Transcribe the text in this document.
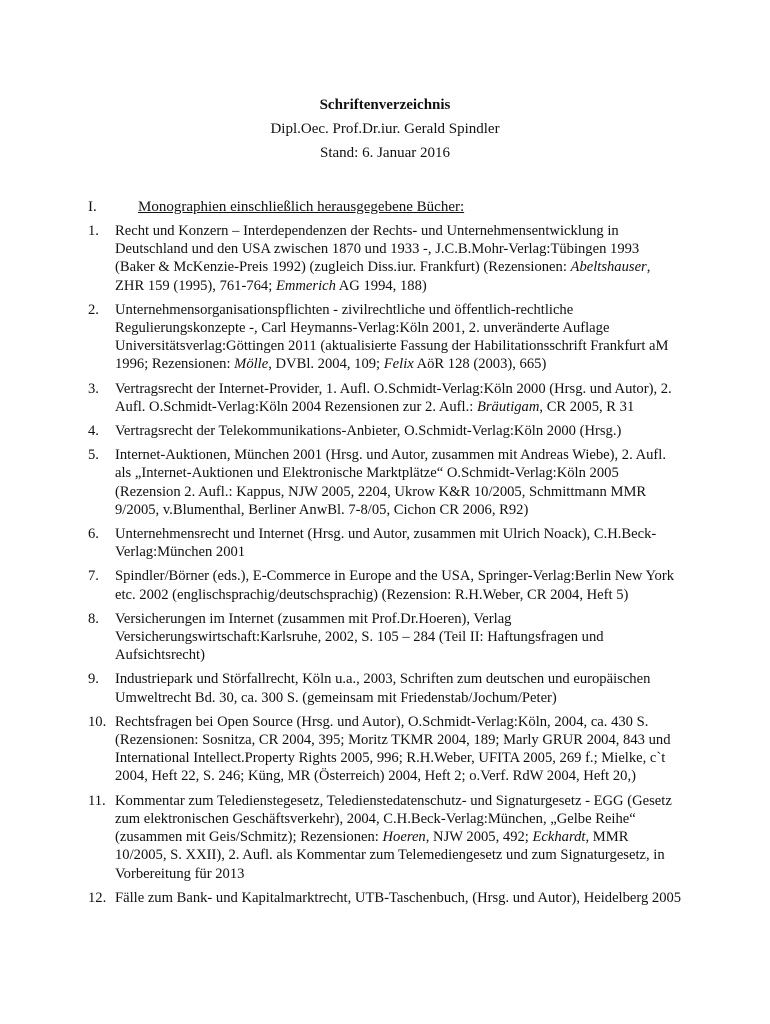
Schriftenverzeichnis
Dipl.Oec. Prof.Dr.iur. Gerald Spindler
Stand: 6. Januar 2016
I.	Monographien einschließlich herausgegebene Bücher:
1. Recht und Konzern – Interdependenzen der Rechts- und Unternehmensentwicklung in Deutschland und den USA zwischen 1870 und 1933 -, J.C.B.Mohr-Verlag:Tübingen 1993 (Baker & McKenzie-Preis 1992) (zugleich Diss.iur. Frankfurt) (Rezensionen: Abeltshauser, ZHR 159 (1995), 761-764; Emmerich AG 1994, 188)
2. Unternehmensorganisationspflichten - zivilrechtliche und öffentlich-rechtliche Regulierungskonzepte -, Carl Heymanns-Verlag:Köln 2001, 2. unveränderte Auflage Universitätsverlag:Göttingen 2011 (aktualisierte Fassung der Habilitationsschrift Frankfurt aM 1996; Rezensionen: Mölle, DVBl. 2004, 109; Felix AöR 128 (2003), 665)
3. Vertragsrecht der Internet-Provider, 1. Aufl. O.Schmidt-Verlag:Köln 2000 (Hrsg. und Autor), 2. Aufl. O.Schmidt-Verlag:Köln 2004 Rezensionen zur 2. Aufl.: Bräutigam, CR 2005, R 31
4. Vertragsrecht der Telekommunikations-Anbieter, O.Schmidt-Verlag:Köln 2000 (Hrsg.)
5. Internet-Auktionen, München 2001 (Hrsg. und Autor, zusammen mit Andreas Wiebe), 2. Aufl. als „Internet-Auktionen und Elektronische Marktplätze“ O.Schmidt-Verlag:Köln 2005 (Rezension 2. Aufl.: Kappus, NJW 2005, 2204, Ukrow K&R 10/2005, Schmittmann MMR 9/2005, v.Blumenthal, Berliner AnwBl. 7-8/05, Cichon CR 2006, R92)
6. Unternehmensrecht und Internet (Hrsg. und Autor, zusammen mit Ulrich Noack), C.H.Beck-Verlag:München 2001
7. Spindler/Börner (eds.), E-Commerce in Europe and the USA, Springer-Verlag:Berlin New York etc. 2002 (englischsprachig/deutschsprachig) (Rezension: R.H.Weber, CR 2004, Heft 5)
8. Versicherungen im Internet (zusammen mit Prof.Dr.Hoeren), Verlag Versicherungswirtschaft:Karlsruhe, 2002, S. 105 – 284 (Teil II: Haftungsfragen und Aufsichtsrecht)
9. Industriepark und Störfallrecht, Köln u.a., 2003, Schriften zum deutschen und europäischen Umweltrecht Bd. 30, ca. 300 S. (gemeinsam mit Friedenstab/Jochum/Peter)
10. Rechtsfragen bei Open Source (Hrsg. und Autor), O.Schmidt-Verlag:Köln, 2004, ca. 430 S. (Rezensionen: Sosnitza, CR 2004, 395; Moritz TKMR 2004, 189; Marly GRUR 2004, 843 und International Intellect.Property Rights 2005, 996; R.H.Weber, UFITA 2005, 269 f.; Mielke, c`t 2004, Heft 22, S. 246; Küng, MR (Österreich) 2004, Heft 2; o.Verf. RdW 2004, Heft 20,)
11. Kommentar zum Teledienstegesetz, Teledienstedatenschutz- und Signaturgesetz - EGG (Gesetz zum elektronischen Geschäftsverkehr), 2004, C.H.Beck-Verlag:München, „Gelbe Reihe“ (zusammen mit Geis/Schmitz); Rezensionen: Hoeren, NJW 2005, 492; Eckhardt, MMR 10/2005, S. XXII), 2. Aufl. als Kommentar zum Telemediengesetz und zum Signaturgesetz, in Vorbereitung für 2013
12. Fälle zum Bank- und Kapitalmarktrecht, UTB-Taschenbuch, (Hrsg. und Autor), Heidelberg 2005
